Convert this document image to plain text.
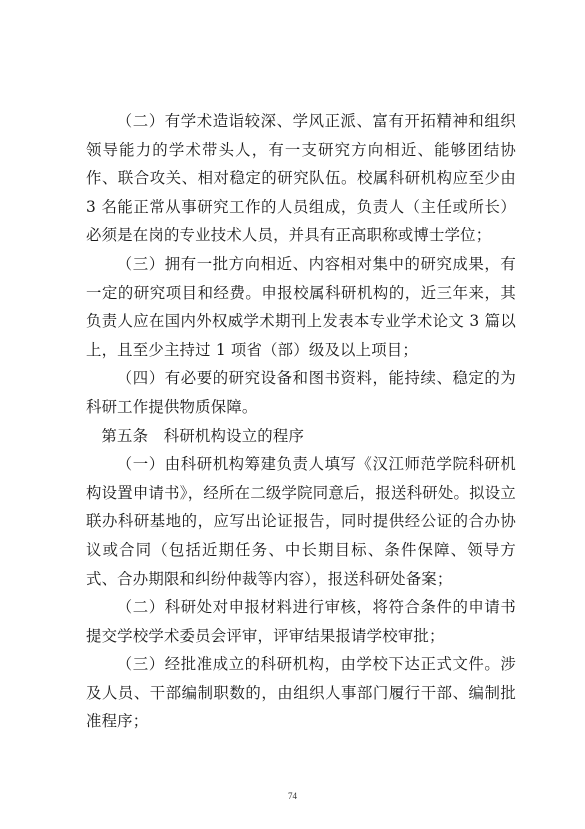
（二）有学术造诣较深、学风正派、富有开拓精神和组织领导能力的学术带头人，有一支研究方向相近、能够团结协作、联合攻关、相对稳定的研究队伍。校属科研机构应至少由 3 名能正常从事研究工作的人员组成，负责人（主任或所长）必须是在岗的专业技术人员，并具有正高职称或博士学位；

（三）拥有一批方向相近、内容相对集中的研究成果，有一定的研究项目和经费。申报校属科研机构的，近三年来，其负责人应在国内外权威学术期刊上发表本专业学术论文 3 篇以上，且至少主持过 1 项省（部）级及以上项目；

（四）有必要的研究设备和图书资料，能持续、稳定的为科研工作提供物质保障。

第五条　科研机构设立的程序

（一）由科研机构筹建负责人填写《汉江师范学院科研机构设置申请书》，经所在二级学院同意后，报送科研处。拟设立联办科研基地的，应写出论证报告，同时提供经公证的合办协议或合同（包括近期任务、中长期目标、条件保障、领导方式、合办期限和纠纷仲裁等内容），报送科研处备案；

（二）科研处对申报材料进行审核，将符合条件的申请书提交学校学术委员会评审，评审结果报请学校审批；

（三）经批准成立的科研机构，由学校下达正式文件。涉及人员、干部编制职数的，由组织人事部门履行干部、编制批准程序；

74
